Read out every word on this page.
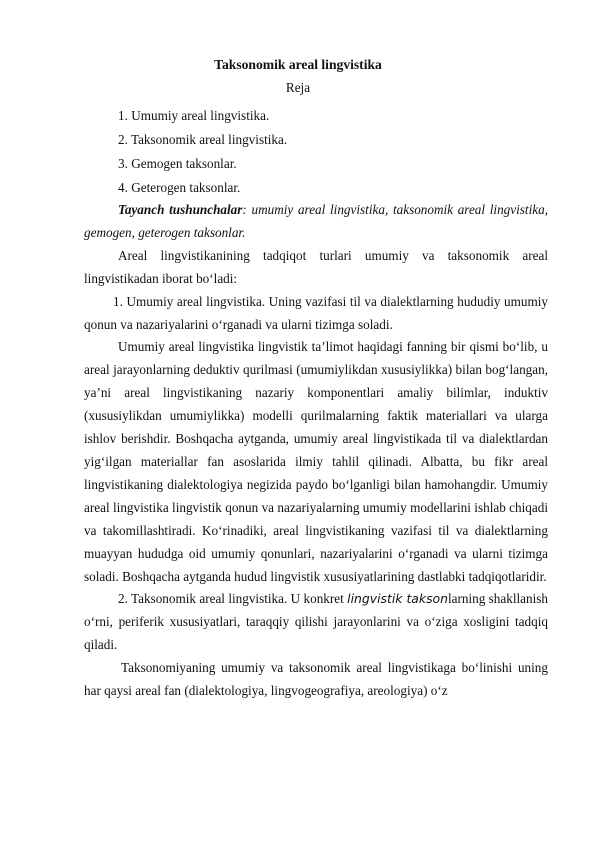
Taksonomik areal lingvistika
Reja
1. Umumiy areal lingvistika.
2. Taksonomik areal lingvistika.
3. Gemogen taksonlar.
4. Geterogen taksonlar.

Tayanch tushunchalar: umumiy areal lingvistika, taksonomik areal lingvistika, gemogen, geterogen taksonlar.

Areal lingvistikanining tadqiqot turlari umumiy va taksonomik areal lingvistikadan iborat bo‘ladi:

1. Umumiy areal lingvistika. Uning vazifasi til va dialektlarning hududiy umumiy qonun va nazariyalarini o‘rganadi va ularni tizimga soladi.

Umumiy areal lingvistika lingvistik ta’limot haqidagi fanning bir qismi bo‘lib, u areal jarayonlarning deduktiv qurilmasi (umumiylikdan xususiylikka) bilan bog‘langan, ya’ni areal lingvistikaning nazariy komponentlari amaliy bilimlar, induktiv (xususiylikdan umumiylikka) modelli qurilmalarning faktik materiallari va ularga ishlov berishdir. Boshqacha aytganda, umumiy areal lingvistikada til va dialektlardan yig‘ilgan materiallar fan asoslarida ilmiy tahlil qilinadi. Albatta, bu fikr areal lingvistikaning dialektologiya negizida paydo bo‘lganligi bilan hamohangdir. Umumiy areal lingvistika lingvistik qonun va nazariyalarning umumiy modellarini ishlab chiqadi va takomillashtiradi. Ko‘rinadiki, areal lingvistikaning vazifasi til va dialektlarning muayyan hududga oid umumiy qonunlari, nazariyalarini o‘rganadi va ularni tizimga soladi. Boshqacha aytganda hudud lingvistik xususiyatlarining dastlabki tadqiqotlaridir.

2. Taksonomik areal lingvistika. U konkret lingvistik taksonlarning shakllanish o‘rni, periferik xususiyatlari, taraqqiy qilishi jarayonlarini va o‘ziga xosligini tadqiq qiladi.

Taksonomiyaning umumiy va taksonomik areal lingvistikaga bo‘linishi uning har qaysi areal fan (dialektologiya, lingvogeografiya, areologiya) o‘z
